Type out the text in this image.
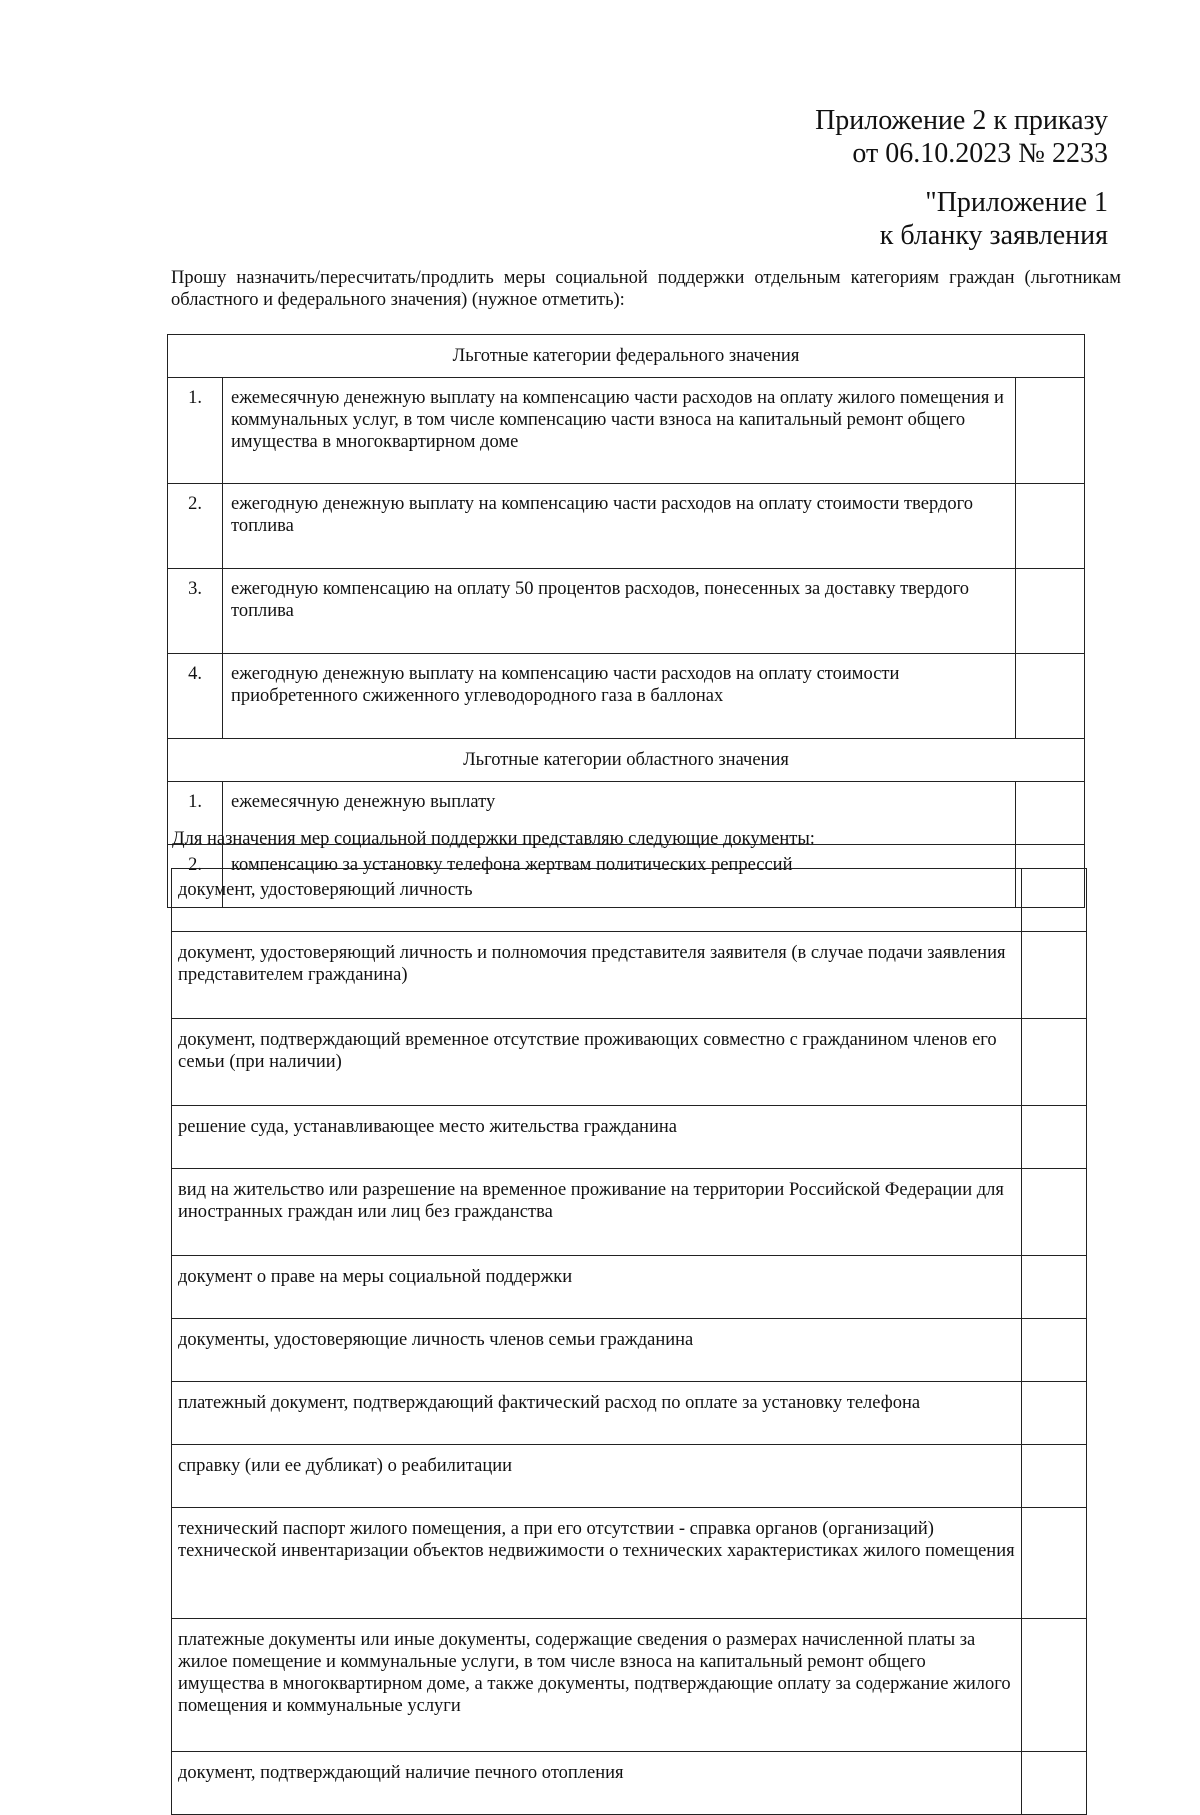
Приложение 2 к приказу
от 06.10.2023 № 2233
"Приложение 1
к бланку заявления
Прошу назначить/пересчитать/продлить меры социальной поддержки отдельным категориям граждан (льготникам областного и федерального значения) (нужное отметить):
Льготные категории федерального значения		
1.	ежемесячную денежную выплату на компенсацию части расходов на оплату жилого помещения и коммунальных услуг, в том числе компенсацию части взноса на капитальный ремонт общего имущества в многоквартирном доме	
2.	ежегодную денежную выплату на компенсацию части расходов на оплату стоимости твердого топлива	
3.	ежегодную компенсацию на оплату 50 процентов расходов, понесенных за доставку твердого топлива	
4.	ежегодную денежную выплату на компенсацию части расходов на оплату стоимости приобретенного сжиженного углеводородного газа в баллонах	
Льготные категории областного значения		
1.	ежемесячную денежную выплату	
2.	компенсацию за установку телефона жертвам политических репрессий	
Для назначения мер социальной поддержки представляю следующие документы:
документ, удостоверяющий личность	
документ, удостоверяющий личность и полномочия представителя заявителя (в случае подачи заявления представителем гражданина)	
документ, подтверждающий временное отсутствие проживающих совместно с гражданином членов его семьи (при наличии)	
решение суда, устанавливающее место жительства гражданина	
вид на жительство или разрешение на временное проживание на территории Российской Федерации для иностранных граждан или лиц без гражданства	
документ о праве на меры социальной поддержки	
документы, удостоверяющие личность членов семьи гражданина	
платежный документ, подтверждающий фактический расход по оплате за установку телефона	
справку (или ее дубликат) о реабилитации	
технический паспорт жилого помещения, а при его отсутствии - справка органов (организаций) технической инвентаризации объектов недвижимости о технических характеристиках жилого помещения	
платежные документы или иные документы, содержащие сведения о размерах начисленной платы за жилое помещение и коммунальные услуги, в том числе взноса на капитальный ремонт общего имущества в многоквартирном доме, а также документы, подтверждающие оплату за содержание жилого помещения и коммунальные услуги	
документ, подтверждающий наличие печного отопления	
